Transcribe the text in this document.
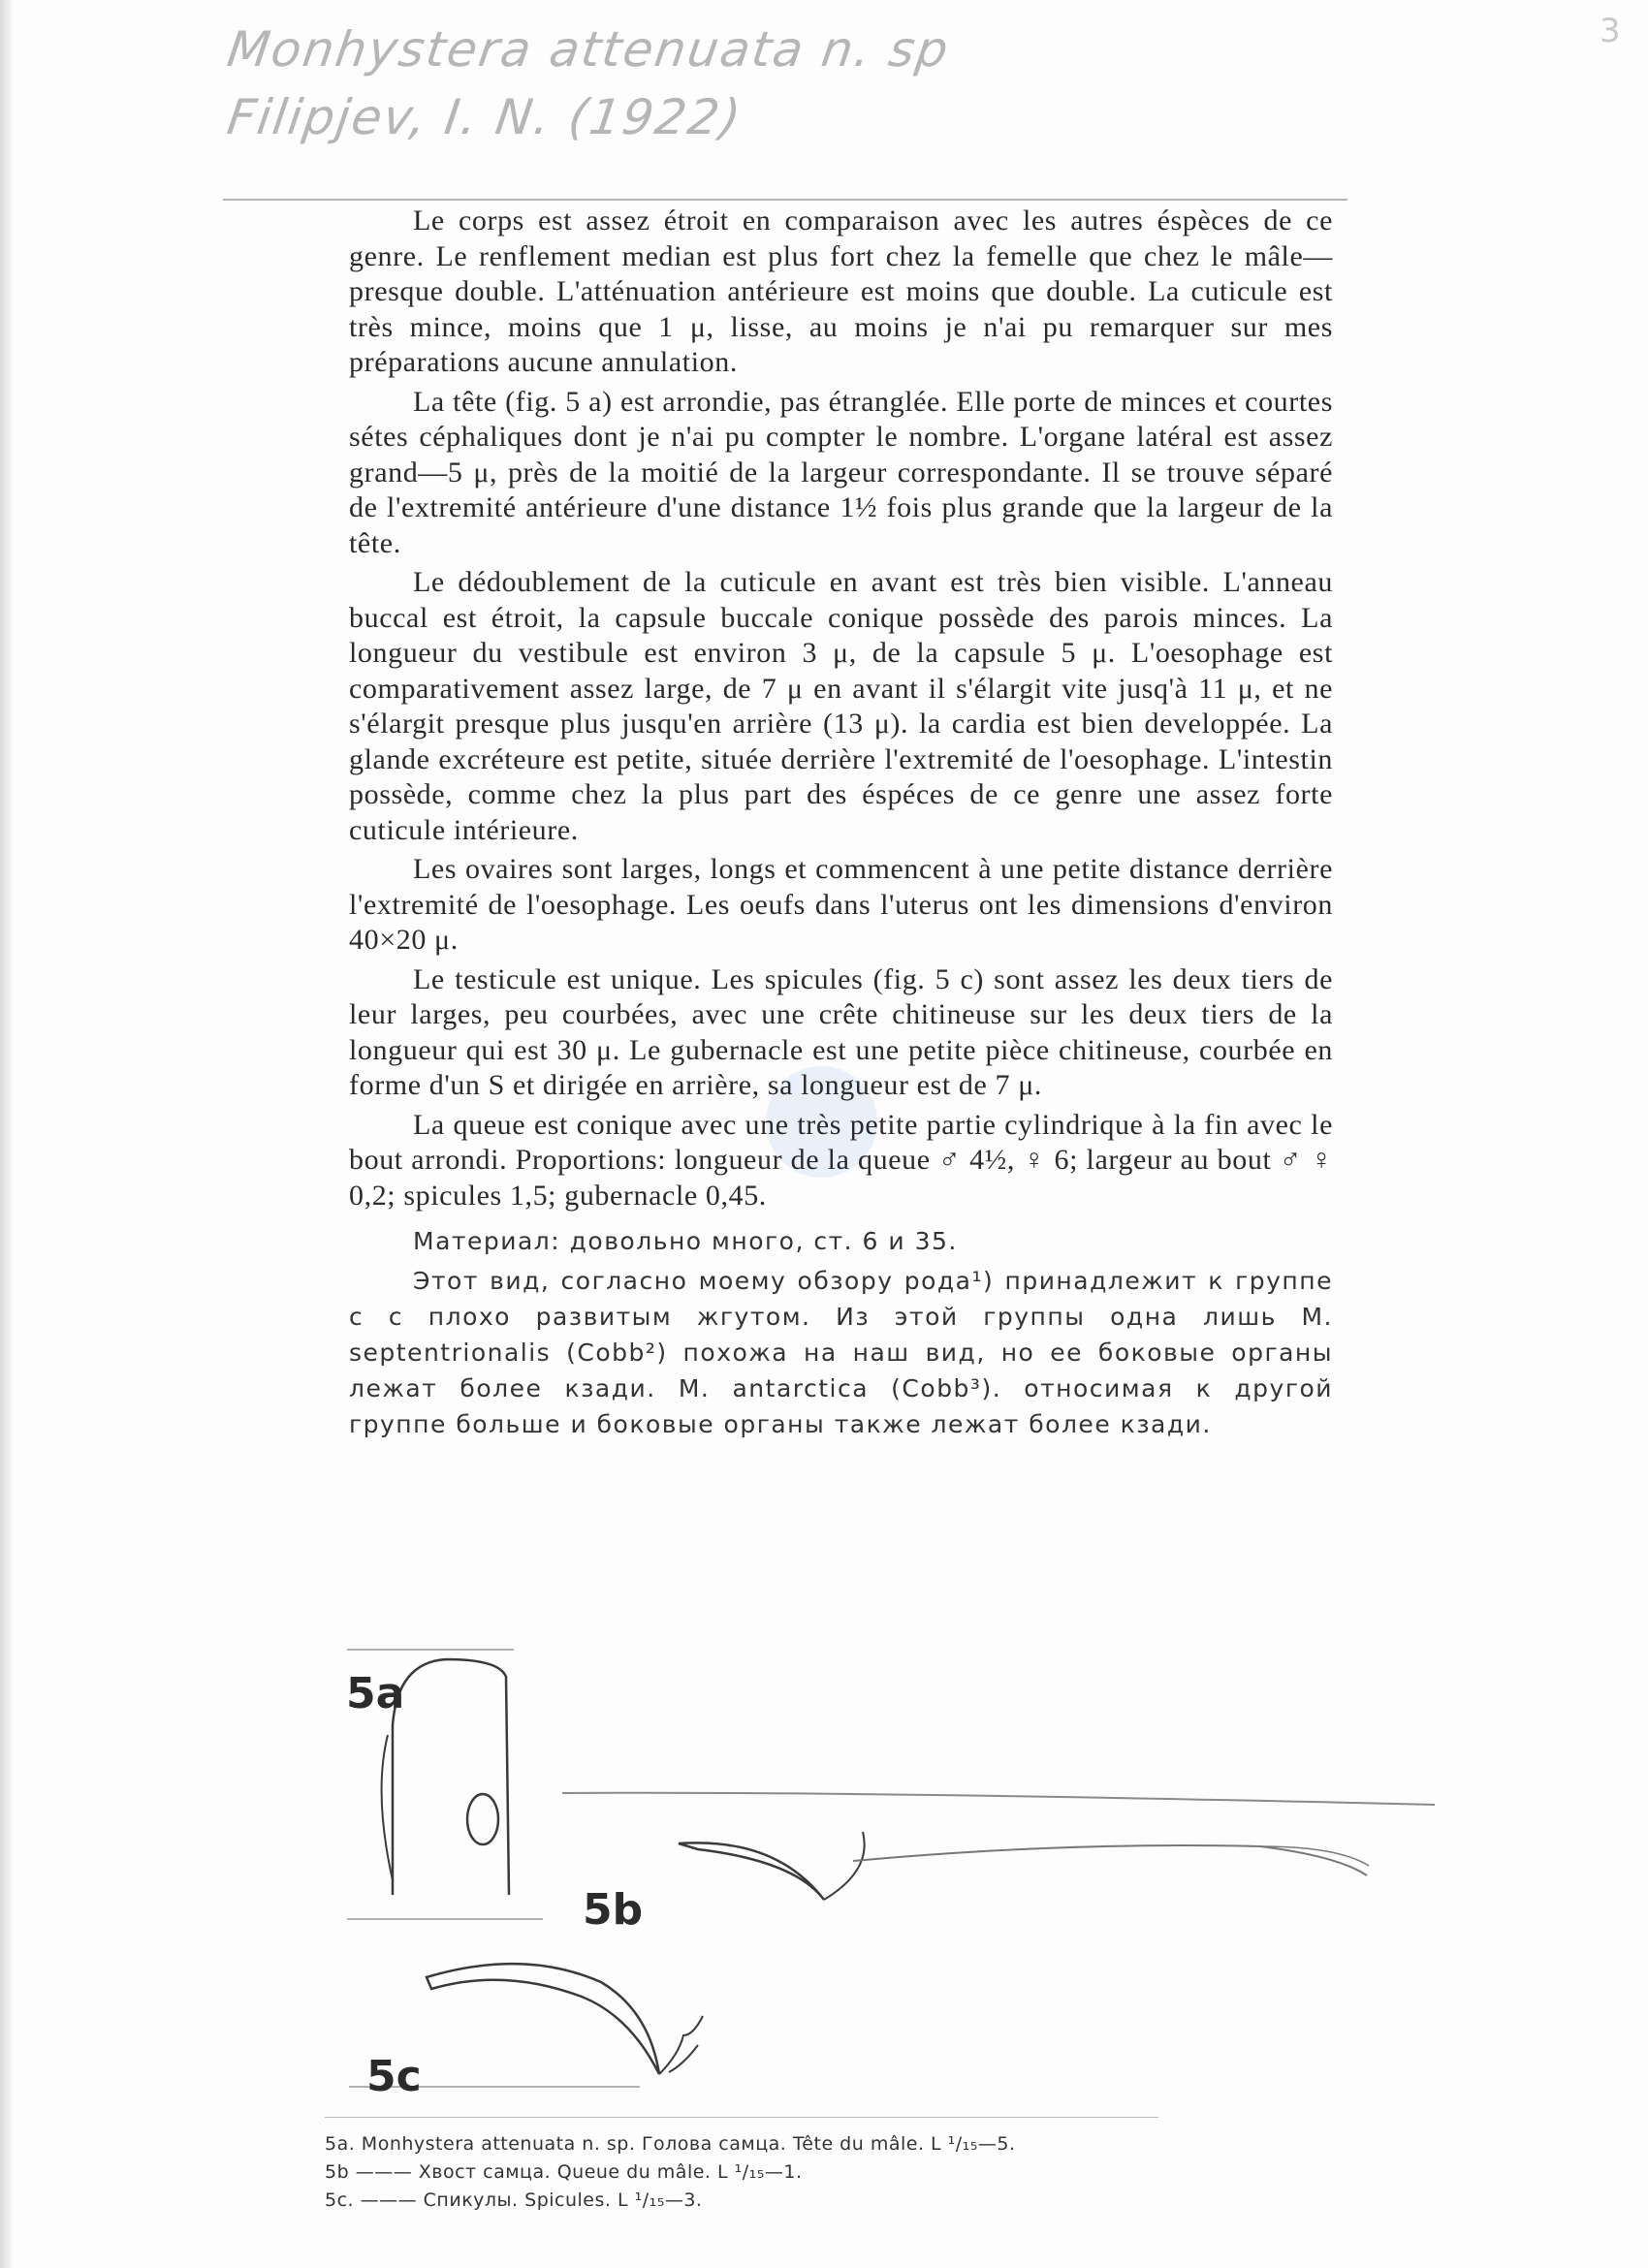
Monhystera attenuata n. sp
Filipjev, I. N. (1922)
3

Le corps est assez étroit en comparaison avec les autres éspèces de ce genre. Le renflement median est plus fort chez la femelle que chez le mâle— presque double. L'atténuation antérieure est moins que double. La cuticule est très mince, moins que 1 μ, lisse, au moins je n'ai pu remarquer sur mes préparations aucune annulation.

La tête (fig. 5 a) est arrondie, pas étranglée. Elle porte de minces et courtes sétes céphaliques dont je n'ai pu compter le nombre. L'organe latéral est assez grand—5 μ, près de la moitié de la largeur correspondante. Il se trouve séparé de l'extremité antérieure d'une distance 1½ fois plus grande que la largeur de la tête.

Le dédoublement de la cuticule en avant est très bien visible. L'anneau buccal est étroit, la capsule buccale conique possède des parois minces. La longueur du vestibule est environ 3 μ, de la capsule 5 μ. L'oesophage est comparativement assez large, de 7 μ en avant il s'élargit vite jusq'à 11 μ, et ne s'élargit presque plus jusqu'en arrière (13 μ). la cardia est bien developpée. La glande excréteure est petite, située derrière l'extremité de l'oesophage. L'intestin possède, comme chez la plus part des éspéces de ce genre une assez forte cuticule intérieure.

Les ovaires sont larges, longs et commencent à une petite distance derrière l'extremité de l'oesophage. Les oeufs dans l'uterus ont les dimensions d'environ 40×20 μ.

Le testicule est unique. Les spicules (fig. 5 c) sont assez les deux tiers de leur larges, peu courbées, avec une crête chitineuse sur les deux tiers de la longueur qui est 30 μ. Le gubernacle est une petite pièce chitineuse, courbée en forme d'un S et dirigée en arrière, sa longueur est de 7 μ.

La queue est conique avec une très petite partie cylindrique à la fin avec le bout arrondi. Proportions: longueur de la queue ♂ 4½, ♀ 6; largeur au bout ♂ ♀ 0,2; spicules 1,5; gubernacle 0,45.

Материал: довольно много, ст. 6 и 35.

Этот вид, согласно моему обзору рода¹) принадлежит к группе с с плохо развитым жгутом. Из этой группы одна лишь M. septentrionalis (Cobb²) похожа на наш вид, но ее боковые органы лежат более кзади. M. antarctica (Cobb³). относимая к другой группе больше и боковые органы также лежат более кзади.

5a
5b
5c
5a. Monhystera attenuata n. sp. Голова самца. Tête du mâle. L ¹/₁₅—5.
5b ——— Хвост самца. Queue du mâle. L ¹/₁₅—1.
5c. ——— Спикулы. Spicules. L ¹/₁₅—3.
